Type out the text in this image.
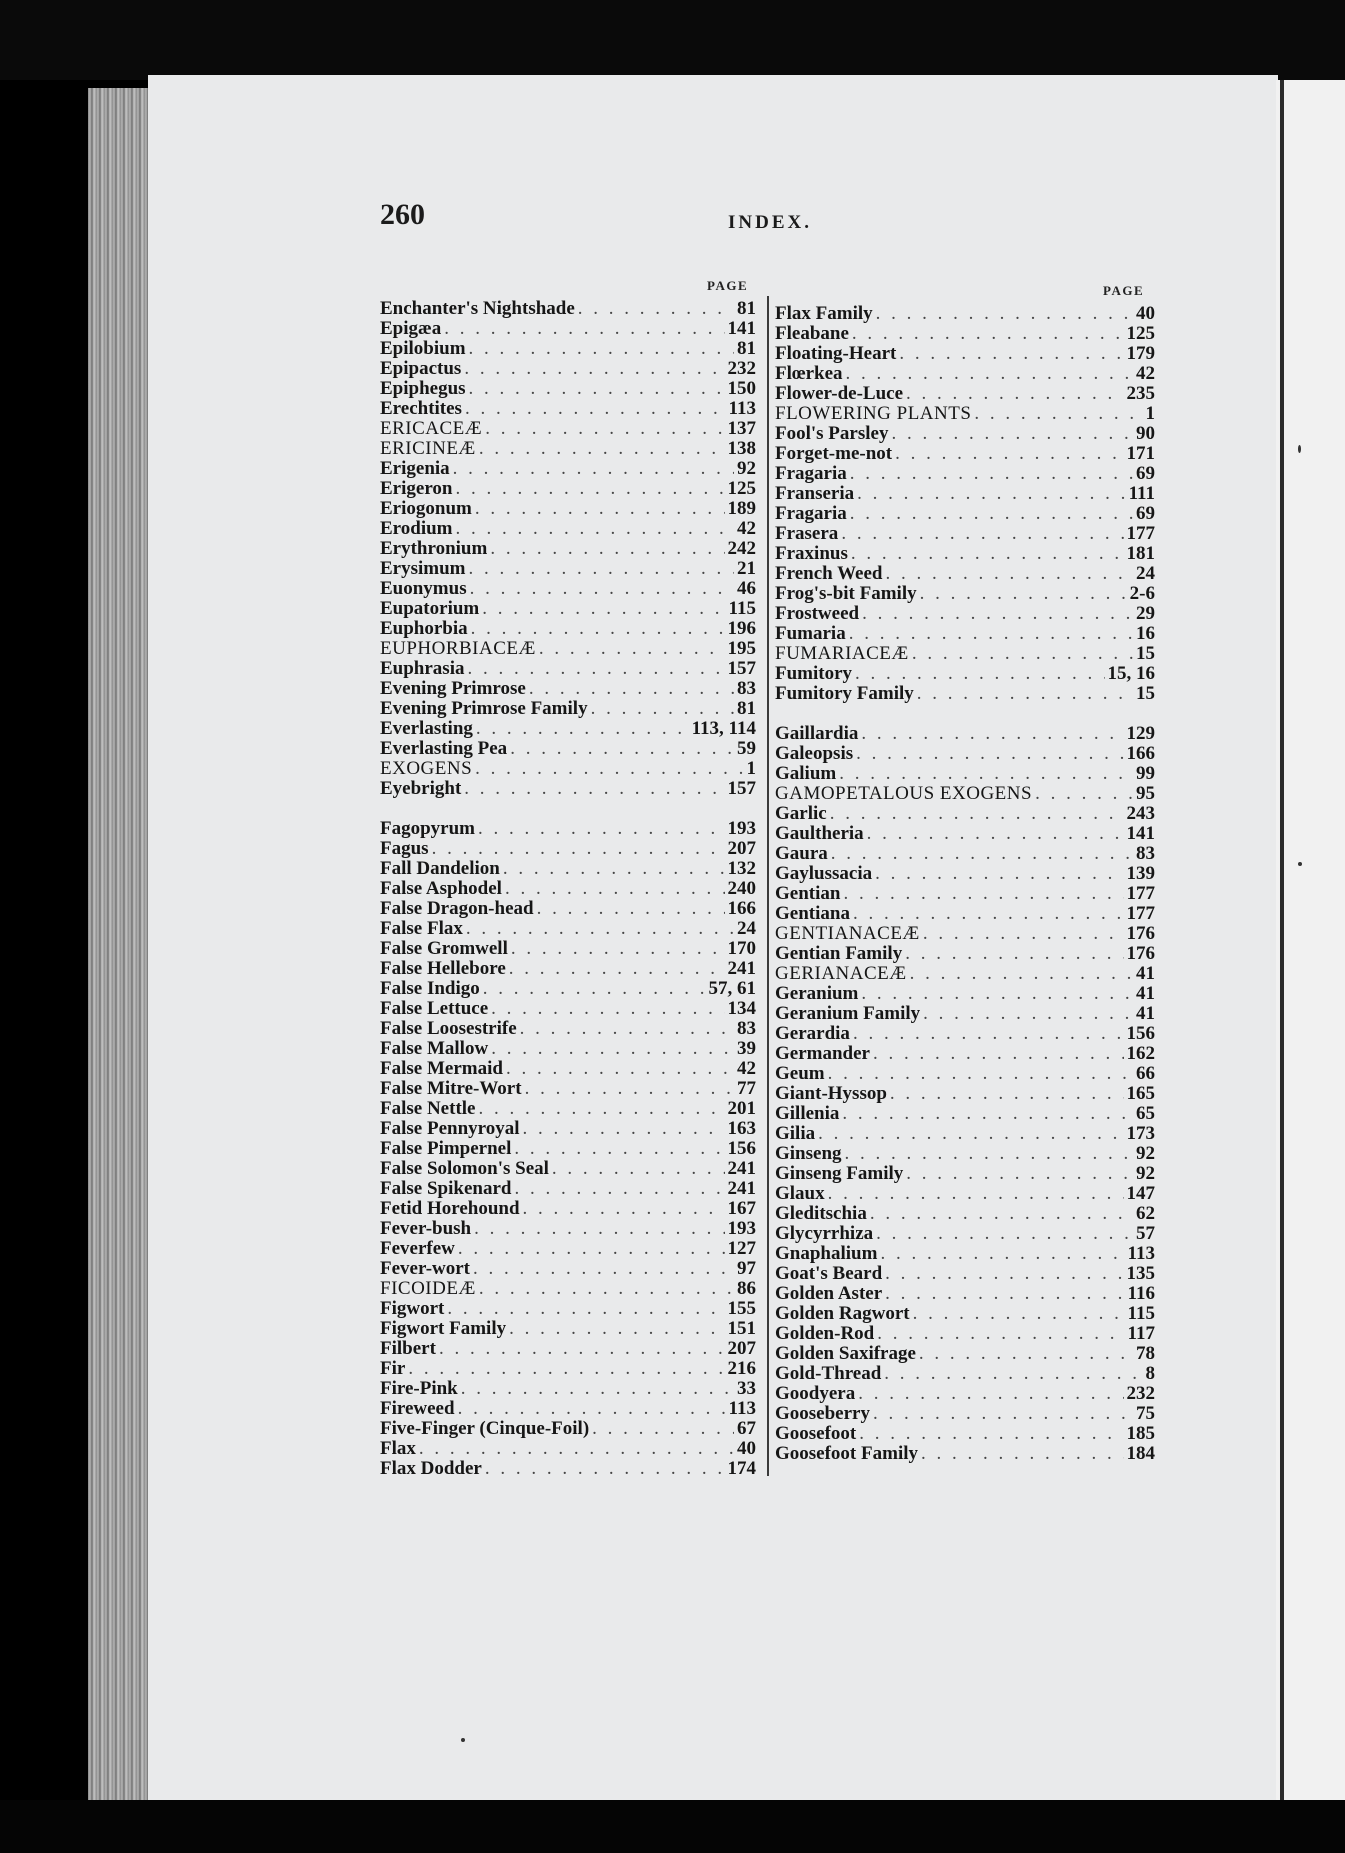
260	INDEX.
PAGE	PAGE
Enchanter's Nightshade . . .	81
Epigæa . . .	141
Epilobium . . .	81
Epipactus . . .	232
Epiphegus . . .	150
Erechtites . . .	113
ERICACEÆ . . .	137
ERICINEÆ . . .	138
Erigenia . . .	92
Erigeron . . .	125
Eriogonum . . .	189
Erodium . . .	42
Erythronium . . .	242
Erysimum . . .	21
Euonymus . . .	46
Eupatorium . . .	115
Euphorbia . . .	196
EUPHORBIACEÆ . . .	195
Euphrasia . . .	157
Evening Primrose . . .	83
Evening Primrose Family . . .	81
Everlasting . . .	113, 114
Everlasting Pea . . .	59
EXOGENS . . .	1
Eyebright . . .	157
Fagopyrum . . .	193
Fagus . . .	207
Fall Dandelion . . .	132
False Asphodel . . .	240
False Dragon-head . . .	166
False Flax . . .	24
False Gromwell . . .	170
False Hellebore . . .	241
False Indigo . . .	57, 61
False Lettuce . . .	134
False Loosestrife . . .	83
False Mallow . . .	39
False Mermaid . . .	42
False Mitre-Wort . . .	77
False Nettle . . .	201
False Pennyroyal . . .	163
False Pimpernel . . .	156
False Solomon's Seal . . .	241
False Spikenard . . .	241
Fetid Horehound . . .	167
Fever-bush . . .	193
Feverfew . . .	127
Fever-wort . . .	97
FICOIDEÆ . . .	86
Figwort . . .	155
Figwort Family . . .	151
Filbert . . .	207
Fir . . .	216
Fire-Pink . . .	33
Fireweed . . .	113
Five-Finger (Cinque-Foil) . . .	67
Flax . . .	40
Flax Dodder . . .	174
Flax Family . . .	40
Fleabane . . .	125
Floating-Heart . . .	179
Flœrkea . . .	42
Flower-de-Luce . . .	235
FLOWERING PLANTS . . .	1
Fool's Parsley . . .	90
Forget-me-not . . .	171
Fragaria . . .	69
Franseria . . .	111
Fragaria . . .	69
Frasera . . .	177
Fraxinus . . .	181
French Weed . . .	24
Frog's-bit Family . . .	2-6
Frostweed . . .	29
Fumaria . . .	16
FUMARIACEÆ . . .	15
Fumitory . . .	15, 16
Fumitory Family . . .	15
Gaillardia . . .	129
Galeopsis . . .	166
Galium . . .	99
GAMOPETALOUS EXOGENS . . .	95
Garlic . . .	243
Gaultheria . . .	141
Gaura . . .	83
Gaylussacia . . .	139
Gentian . . .	177
Gentiana . . .	177
GENTIANACEÆ . . .	176
Gentian Family . . .	176
GERIANACEÆ . . .	41
Geranium . . .	41
Geranium Family . . .	41
Gerardia . . .	156
Germander . . .	162
Geum . . .	66
Giant-Hyssop . . .	165
Gillenia . . .	65
Gilia . . .	173
Ginseng . . .	92
Ginseng Family . . .	92
Glaux . . .	147
Gleditschia . . .	62
Glycyrrhiza . . .	57
Gnaphalium . . .	113
Goat's Beard . . .	135
Golden Aster . . .	116
Golden Ragwort . . .	115
Golden-Rod . . .	117
Golden Saxifrage . . .	78
Gold-Thread . . .	8
Goodyera . . .	232
Gooseberry . . .	75
Goosefoot . . .	185
Goosefoot Family . . .	184
